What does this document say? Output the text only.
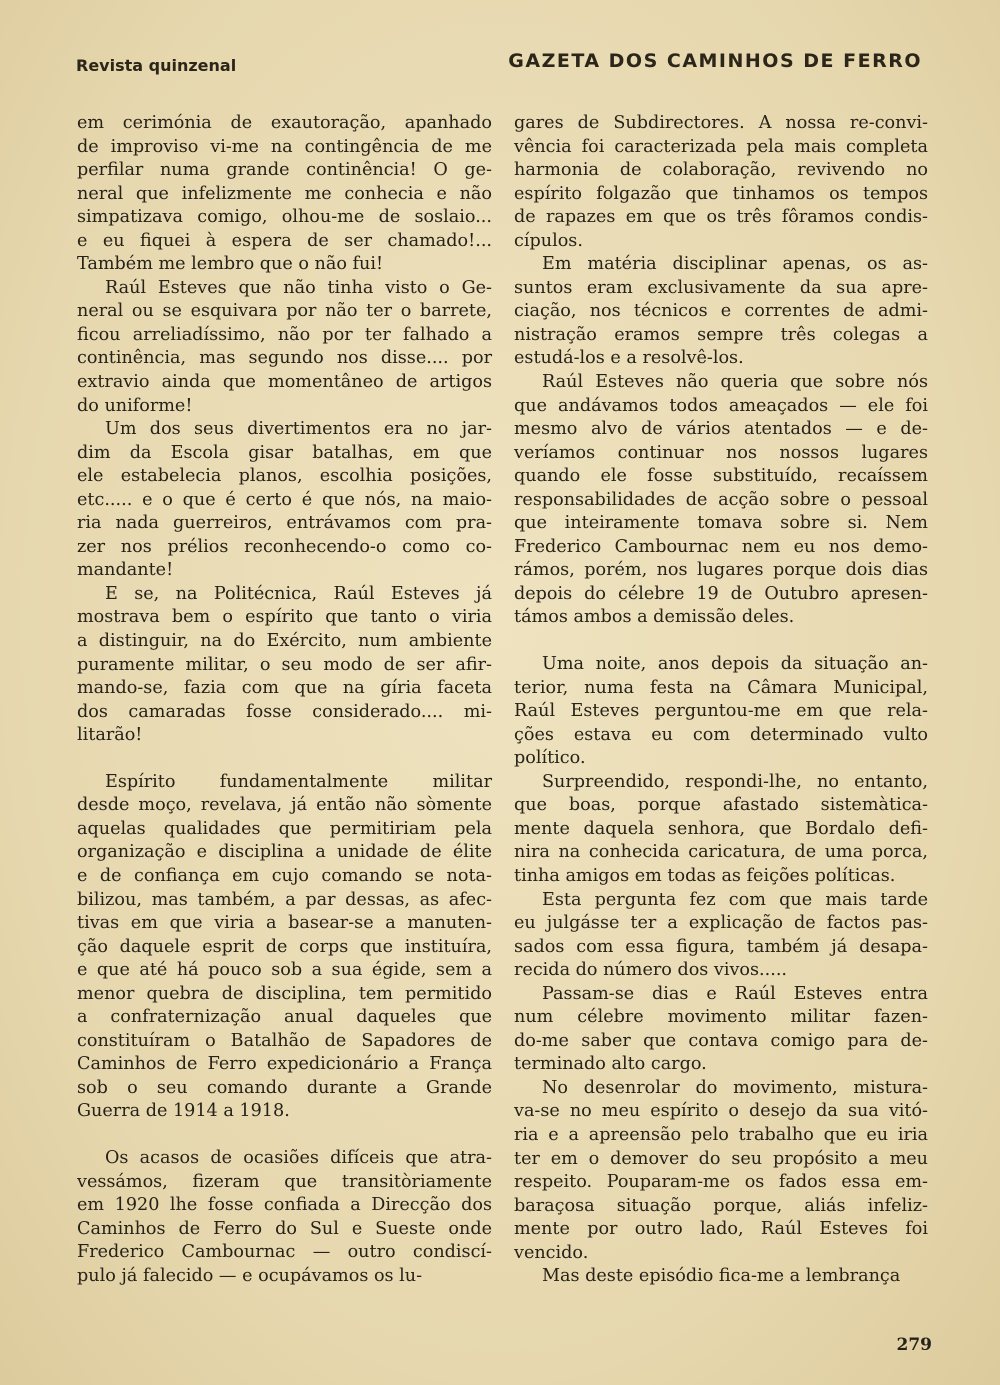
Revista quinzenal	GAZETA DOS CAMINHOS DE FERRO
em cerimónia de exautoração, apanhado
de improviso vi-me na contingência de me
perfilar numa grande continência! O ge-
neral que infelizmente me conhecia e não
simpatizava comigo, olhou-me de soslaio...
e eu fiquei à espera de ser chamado!...
Também me lembro que o não fui!
Raúl Esteves que não tinha visto o Ge-
neral ou se esquivara por não ter o barrete,
ficou arreliadíssimo, não por ter falhado a
continência, mas segundo nos disse.... por
extravio ainda que momentâneo de artigos
do uniforme!
Um dos seus divertimentos era no jar-
dim da Escola gisar batalhas, em que
ele estabelecia planos, escolhia posições,
etc..... e o que é certo é que nós, na maio-
ria nada guerreiros, entrávamos com pra-
zer nos prélios reconhecendo-o como co-
mandante!
E se, na Politécnica, Raúl Esteves já
mostrava bem o espírito que tanto o viria
a distinguir, na do Exército, num ambiente
puramente militar, o seu modo de ser afir-
mando-se, fazia com que na gíria faceta
dos camaradas fosse considerado.... mi-
litarão!
Espírito fundamentalmente militar
desde moço, revelava, já então não sòmente
aquelas qualidades que permitiriam pela
organização e disciplina a unidade de élite
e de confiança em cujo comando se nota-
bilizou, mas também, a par dessas, as afec-
tivas em que viria a basear-se a manuten-
ção daquele esprit de corps que instituíra,
e que até há pouco sob a sua égide, sem a
menor quebra de disciplina, tem permitido
a confraternização anual daqueles que
constituíram o Batalhão de Sapadores de
Caminhos de Ferro expedicionário a França
sob o seu comando durante a Grande
Guerra de 1914 a 1918.
Os acasos de ocasiões difíceis que atra-
vessámos, fizeram que transitòriamente
em 1920 lhe fosse confiada a Direcção dos
Caminhos de Ferro do Sul e Sueste onde
Frederico Cambournac — outro condiscí-
pulo já falecido — e ocupávamos os lu-
gares de Subdirectores. A nossa re-convi-
vência foi caracterizada pela mais completa
harmonia de colaboração, revivendo no
espírito folgazão que tinhamos os tempos
de rapazes em que os três fôramos condis-
cípulos.
Em matéria disciplinar apenas, os as-
suntos eram exclusivamente da sua apre-
ciação, nos técnicos e correntes de admi-
nistração eramos sempre três colegas a
estudá-los e a resolvê-los.
Raúl Esteves não queria que sobre nós
que andávamos todos ameaçados — ele foi
mesmo alvo de vários atentados — e de-
veríamos continuar nos nossos lugares
quando ele fosse substituído, recaíssem
responsabilidades de acção sobre o pessoal
que inteiramente tomava sobre si. Nem
Frederico Cambournac nem eu nos demo-
rámos, porém, nos lugares porque dois dias
depois do célebre 19 de Outubro apresen-
támos ambos a demissão deles.
Uma noite, anos depois da situação an-
terior, numa festa na Câmara Municipal,
Raúl Esteves perguntou-me em que rela-
ções estava eu com determinado vulto
político.
Surpreendido, respondi-lhe, no entanto,
que boas, porque afastado sistemàtica-
mente daquela senhora, que Bordalo defi-
nira na conhecida caricatura, de uma porca,
tinha amigos em todas as feições políticas.
Esta pergunta fez com que mais tarde
eu julgásse ter a explicação de factos pas-
sados com essa figura, também já desapa-
recida do número dos vivos.....
Passam-se dias e Raúl Esteves entra
num célebre movimento militar fazen-
do-me saber que contava comigo para de-
terminado alto cargo.
No desenrolar do movimento, mistura-
va-se no meu espírito o desejo da sua vitó-
ria e a apreensão pelo trabalho que eu iria
ter em o demover do seu propósito a meu
respeito. Pouparam-me os fados essa em-
baraçosa situação porque, aliás infeliz-
mente por outro lado, Raúl Esteves foi
vencido.
Mas deste episódio fica-me a lembrança
279
